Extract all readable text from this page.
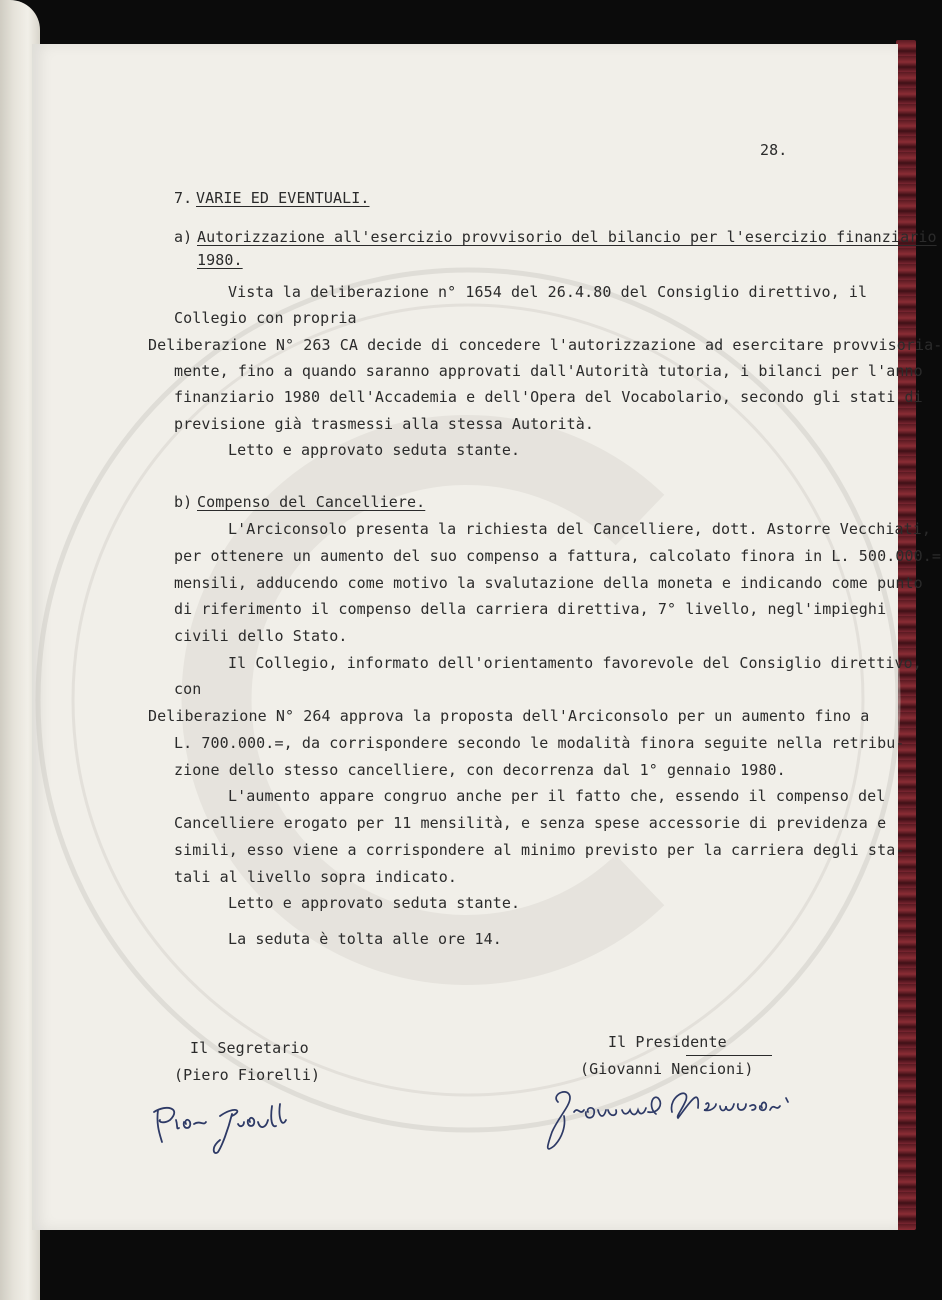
28.
7. VARIE ED EVENTUALI.
a) Autorizzazione all'esercizio provvisorio del bilancio per l'esercizio finanziario
1980.
Vista la deliberazione n° 1654 del 26.4.80 del Consiglio direttivo, il
Collegio con propria
Deliberazione N° 263 CA decide di concedere l'autorizzazione ad esercitare provvisoria-
mente, fino a quando saranno approvati dall'Autorità tutoria, i bilanci per l'anno
finanziario 1980 dell'Accademia e dell'Opera del Vocabolario, secondo gli stati di
previsione già trasmessi alla stessa Autorità.
Letto e approvato seduta stante.
b) Compenso del Cancelliere.
L'Arciconsolo presenta la richiesta del Cancelliere, dott. Astorre Vecchiati,
per ottenere un aumento del suo compenso a fattura, calcolato finora in L. 500.000.=
mensili, adducendo come motivo la svalutazione della moneta e indicando come punto
di riferimento il compenso della carriera direttiva, 7° livello, negl'impieghi
civili dello Stato.
Il Collegio, informato dell'orientamento favorevole del Consiglio direttivo,
con
Deliberazione N° 264 approva la proposta dell'Arciconsolo per un aumento fino a
L. 700.000.=, da corrispondere secondo le modalità finora seguite nella retribu-
zione dello stesso cancelliere, con decorrenza dal 1° gennaio 1980.
L'aumento appare congruo anche per il fatto che, essendo il compenso del
Cancelliere erogato per 11 mensilità, e senza spese accessorie di previdenza e
simili, esso viene a corrispondere al minimo previsto per la carriera degli sta-
tali al livello sopra indicato.
Letto e approvato seduta stante.
La seduta è tolta alle ore 14.
Il Segretario
(Piero Fiorelli)
Il Presidente
(Giovanni Nencioni)
